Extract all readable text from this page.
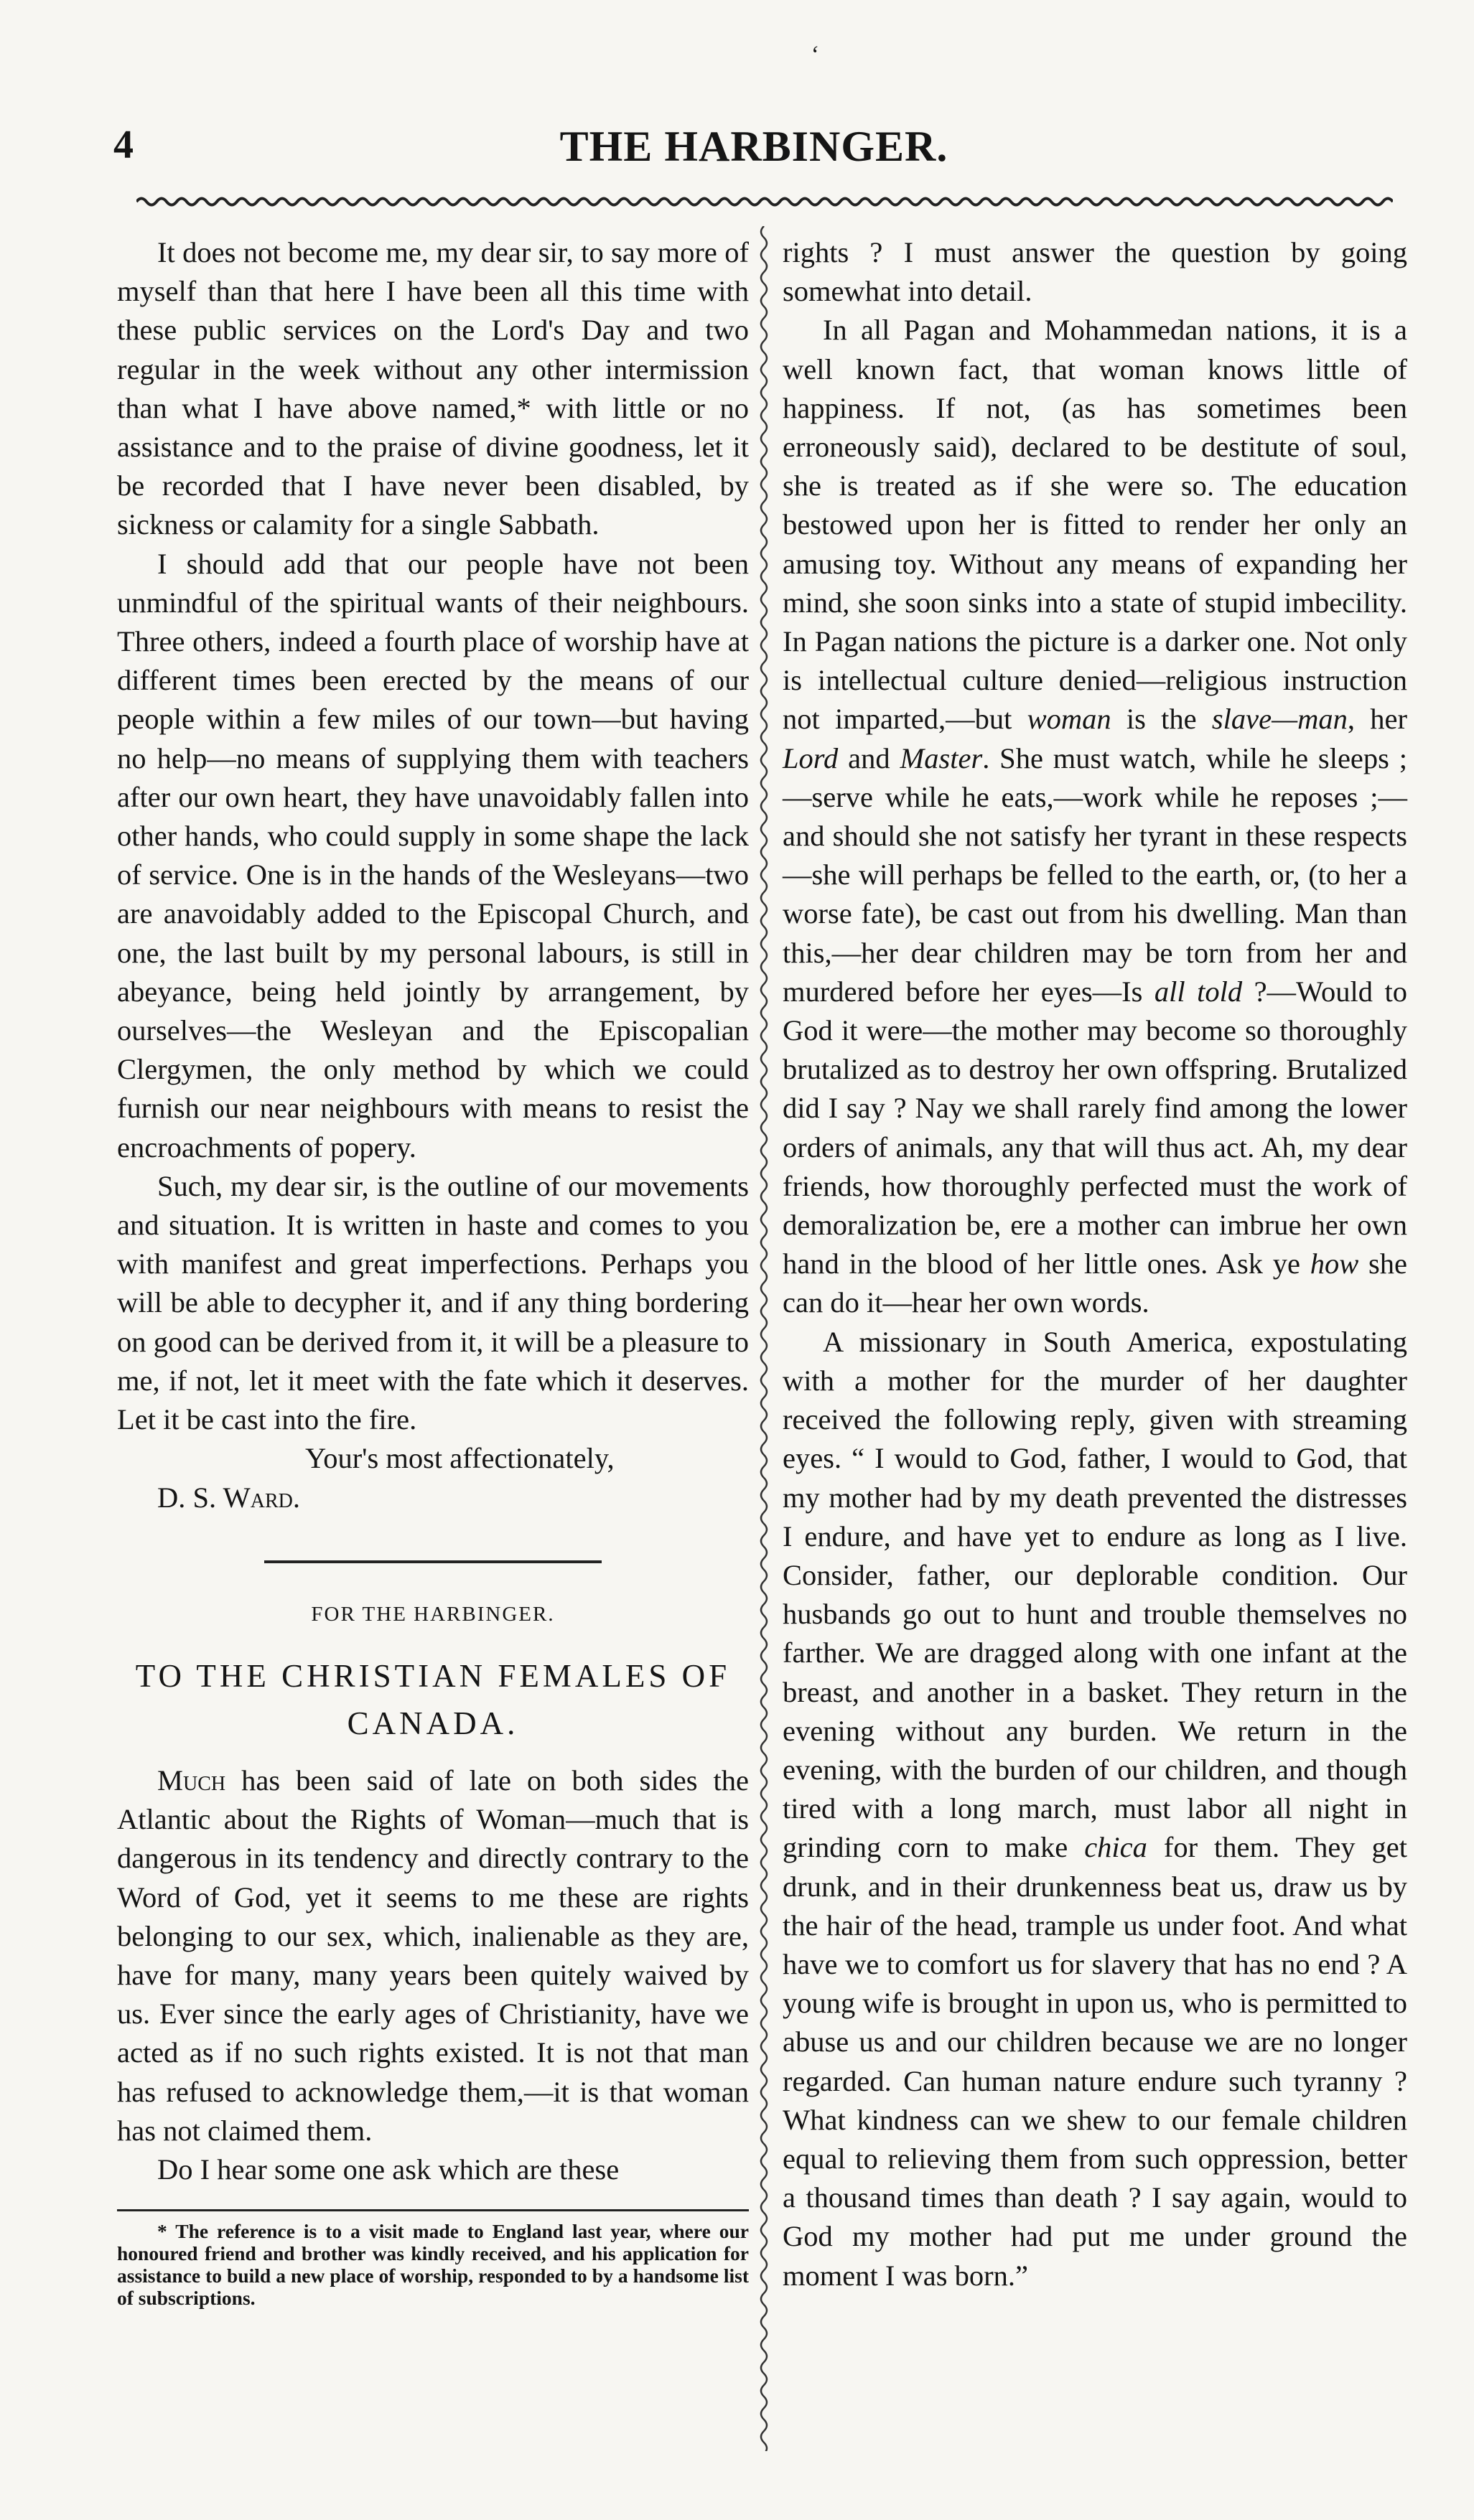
‘
4	THE HARBINGER.

It does not become me, my dear sir, to say more of myself than that here I have been all this time with these public services on the Lord's Day and two regular in the week without any other intermission than what I have above named,* with little or no assistance and to the praise of divine goodness, let it be recorded that I have never been disabled, by sickness or calamity for a single Sabbath.

I should add that our people have not been unmindful of the spiritual wants of their neighbours. Three others, indeed a fourth place of worship have at different times been erected by the means of our people within a few miles of our town—but having no help—no means of supplying them with teachers after our own heart, they have unavoidably fallen into other hands, who could supply in some shape the lack of service. One is in the hands of the Wesleyans—two are anavoidably added to the Episcopal Church, and one, the last built by my personal labours, is still in abeyance, being held jointly by arrangement, by ourselves—the Wesleyan and the Episcopalian Clergymen, the only method by which we could furnish our near neighbours with means to resist the encroachments of popery.

Such, my dear sir, is the outline of our movements and situation. It is written in haste and comes to you with manifest and great imperfections. Perhaps you will be able to decypher it, and if any thing bordering on good can be derived from it, it will be a pleasure to me, if not, let it meet with the fate which it deserves. Let it be cast into the fire.

Your's most affectionately,

D. S. Ward.

FOR THE HARBINGER.
TO THE CHRISTIAN FEMALES OF CANADA.

Much has been said of late on both sides the Atlantic about the Rights of Woman—much that is dangerous in its tendency and directly contrary to the Word of God, yet it seems to me these are rights belonging to our sex, which, inalienable as they are, have for many, many years been quitely waived by us. Ever since the early ages of Christianity, have we acted as if no such rights existed. It is not that man has refused to acknowledge them,—it is that woman has not claimed them.

Do I hear some one ask which are these

* The reference is to a visit made to England last year, where our honoured friend and brother was kindly received, and his application for assistance to build a new place of worship, responded to by a handsome list of subscriptions.

rights ? I must answer the question by going somewhat into detail.

In all Pagan and Mohammedan nations, it is a well known fact, that woman knows little of happiness. If not, (as has sometimes been erroneously said), declared to be destitute of soul, she is treated as if she were so. The education bestowed upon her is fitted to render her only an amusing toy. Without any means of expanding her mind, she soon sinks into a state of stupid imbecility. In Pagan nations the picture is a darker one. Not only is intellectual culture denied—religious instruction not imparted,—but woman is the slave—man, her Lord and Master. She must watch, while he sleeps ;—serve while he eats,—work while he reposes ;—and should she not satisfy her tyrant in these respects—she will perhaps be felled to the earth, or, (to her a worse fate), be cast out from his dwelling. Man than this,—her dear children may be torn from her and murdered before her eyes—Is all told ?—Would to God it were—the mother may become so thoroughly brutalized as to destroy her own offspring. Brutalized did I say ? Nay we shall rarely find among the lower orders of animals, any that will thus act. Ah, my dear friends, how thoroughly perfected must the work of demoralization be, ere a mother can imbrue her own hand in the blood of her little ones. Ask ye how she can do it—hear her own words.

A missionary in South America, expostulating with a mother for the murder of her daughter received the following reply, given with streaming eyes. “ I would to God, father, I would to God, that my mother had by my death prevented the distresses I endure, and have yet to endure as long as I live. Consider, father, our deplorable condition. Our husbands go out to hunt and trouble themselves no farther. We are dragged along with one infant at the breast, and another in a basket. They return in the evening without any burden. We return in the evening, with the burden of our children, and though tired with a long march, must labor all night in grinding corn to make chica for them. They get drunk, and in their drunkenness beat us, draw us by the hair of the head, trample us under foot. And what have we to comfort us for slavery that has no end ? A young wife is brought in upon us, who is permitted to abuse us and our children because we are no longer regarded. Can human nature endure such tyranny ? What kindness can we shew to our female children equal to relieving them from such oppression, better a thousand times than death ? I say again, would to God my mother had put me under ground the moment I was born.”
